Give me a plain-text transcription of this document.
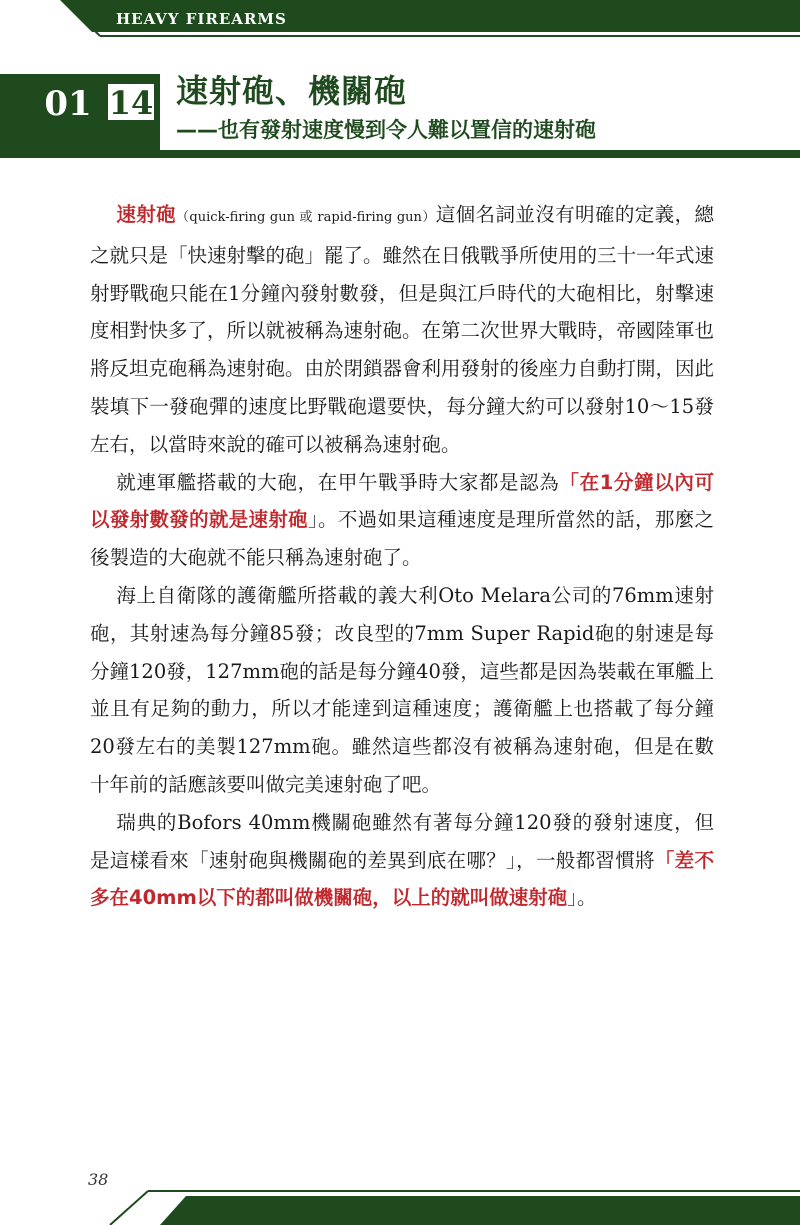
HEAVY FIREARMS
01 14 速射砲、機關砲
——也有發射速度慢到令人難以置信的速射砲

速射砲（quick-firing gun 或 rapid-firing gun）這個名詞並沒有明確的定義，總之就只是「快速射擊的砲」罷了。雖然在日俄戰爭所使用的三十一年式速射野戰砲只能在1分鐘內發射數發，但是與江戶時代的大砲相比，射擊速度相對快多了，所以就被稱為速射砲。在第二次世界大戰時，帝國陸軍也將反坦克砲稱為速射砲。由於閉鎖器會利用發射的後座力自動打開，因此裝填下一發砲彈的速度比野戰砲還要快，每分鐘大約可以發射10～15發左右，以當時來說的確可以被稱為速射砲。

就連軍艦搭載的大砲，在甲午戰爭時大家都是認為「在1分鐘以內可以發射數發的就是速射砲」。不過如果這種速度是理所當然的話，那麼之後製造的大砲就不能只稱為速射砲了。

海上自衛隊的護衛艦所搭載的義大利Oto Melara公司的76mm速射砲，其射速為每分鐘85發；改良型的7mm Super Rapid砲的射速是每分鐘120發，127mm砲的話是每分鐘40發，這些都是因為裝載在軍艦上並且有足夠的動力，所以才能達到這種速度；護衛艦上也搭載了每分鐘20發左右的美製127mm砲。雖然這些都沒有被稱為速射砲，但是在數十年前的話應該要叫做完美速射砲了吧。

瑞典的Bofors 40mm機關砲雖然有著每分鐘120發的發射速度，但是這樣看來「速射砲與機關砲的差異到底在哪？」，一般都習慣將「差不多在40mm以下的都叫做機關砲，以上的就叫做速射砲」。

38
